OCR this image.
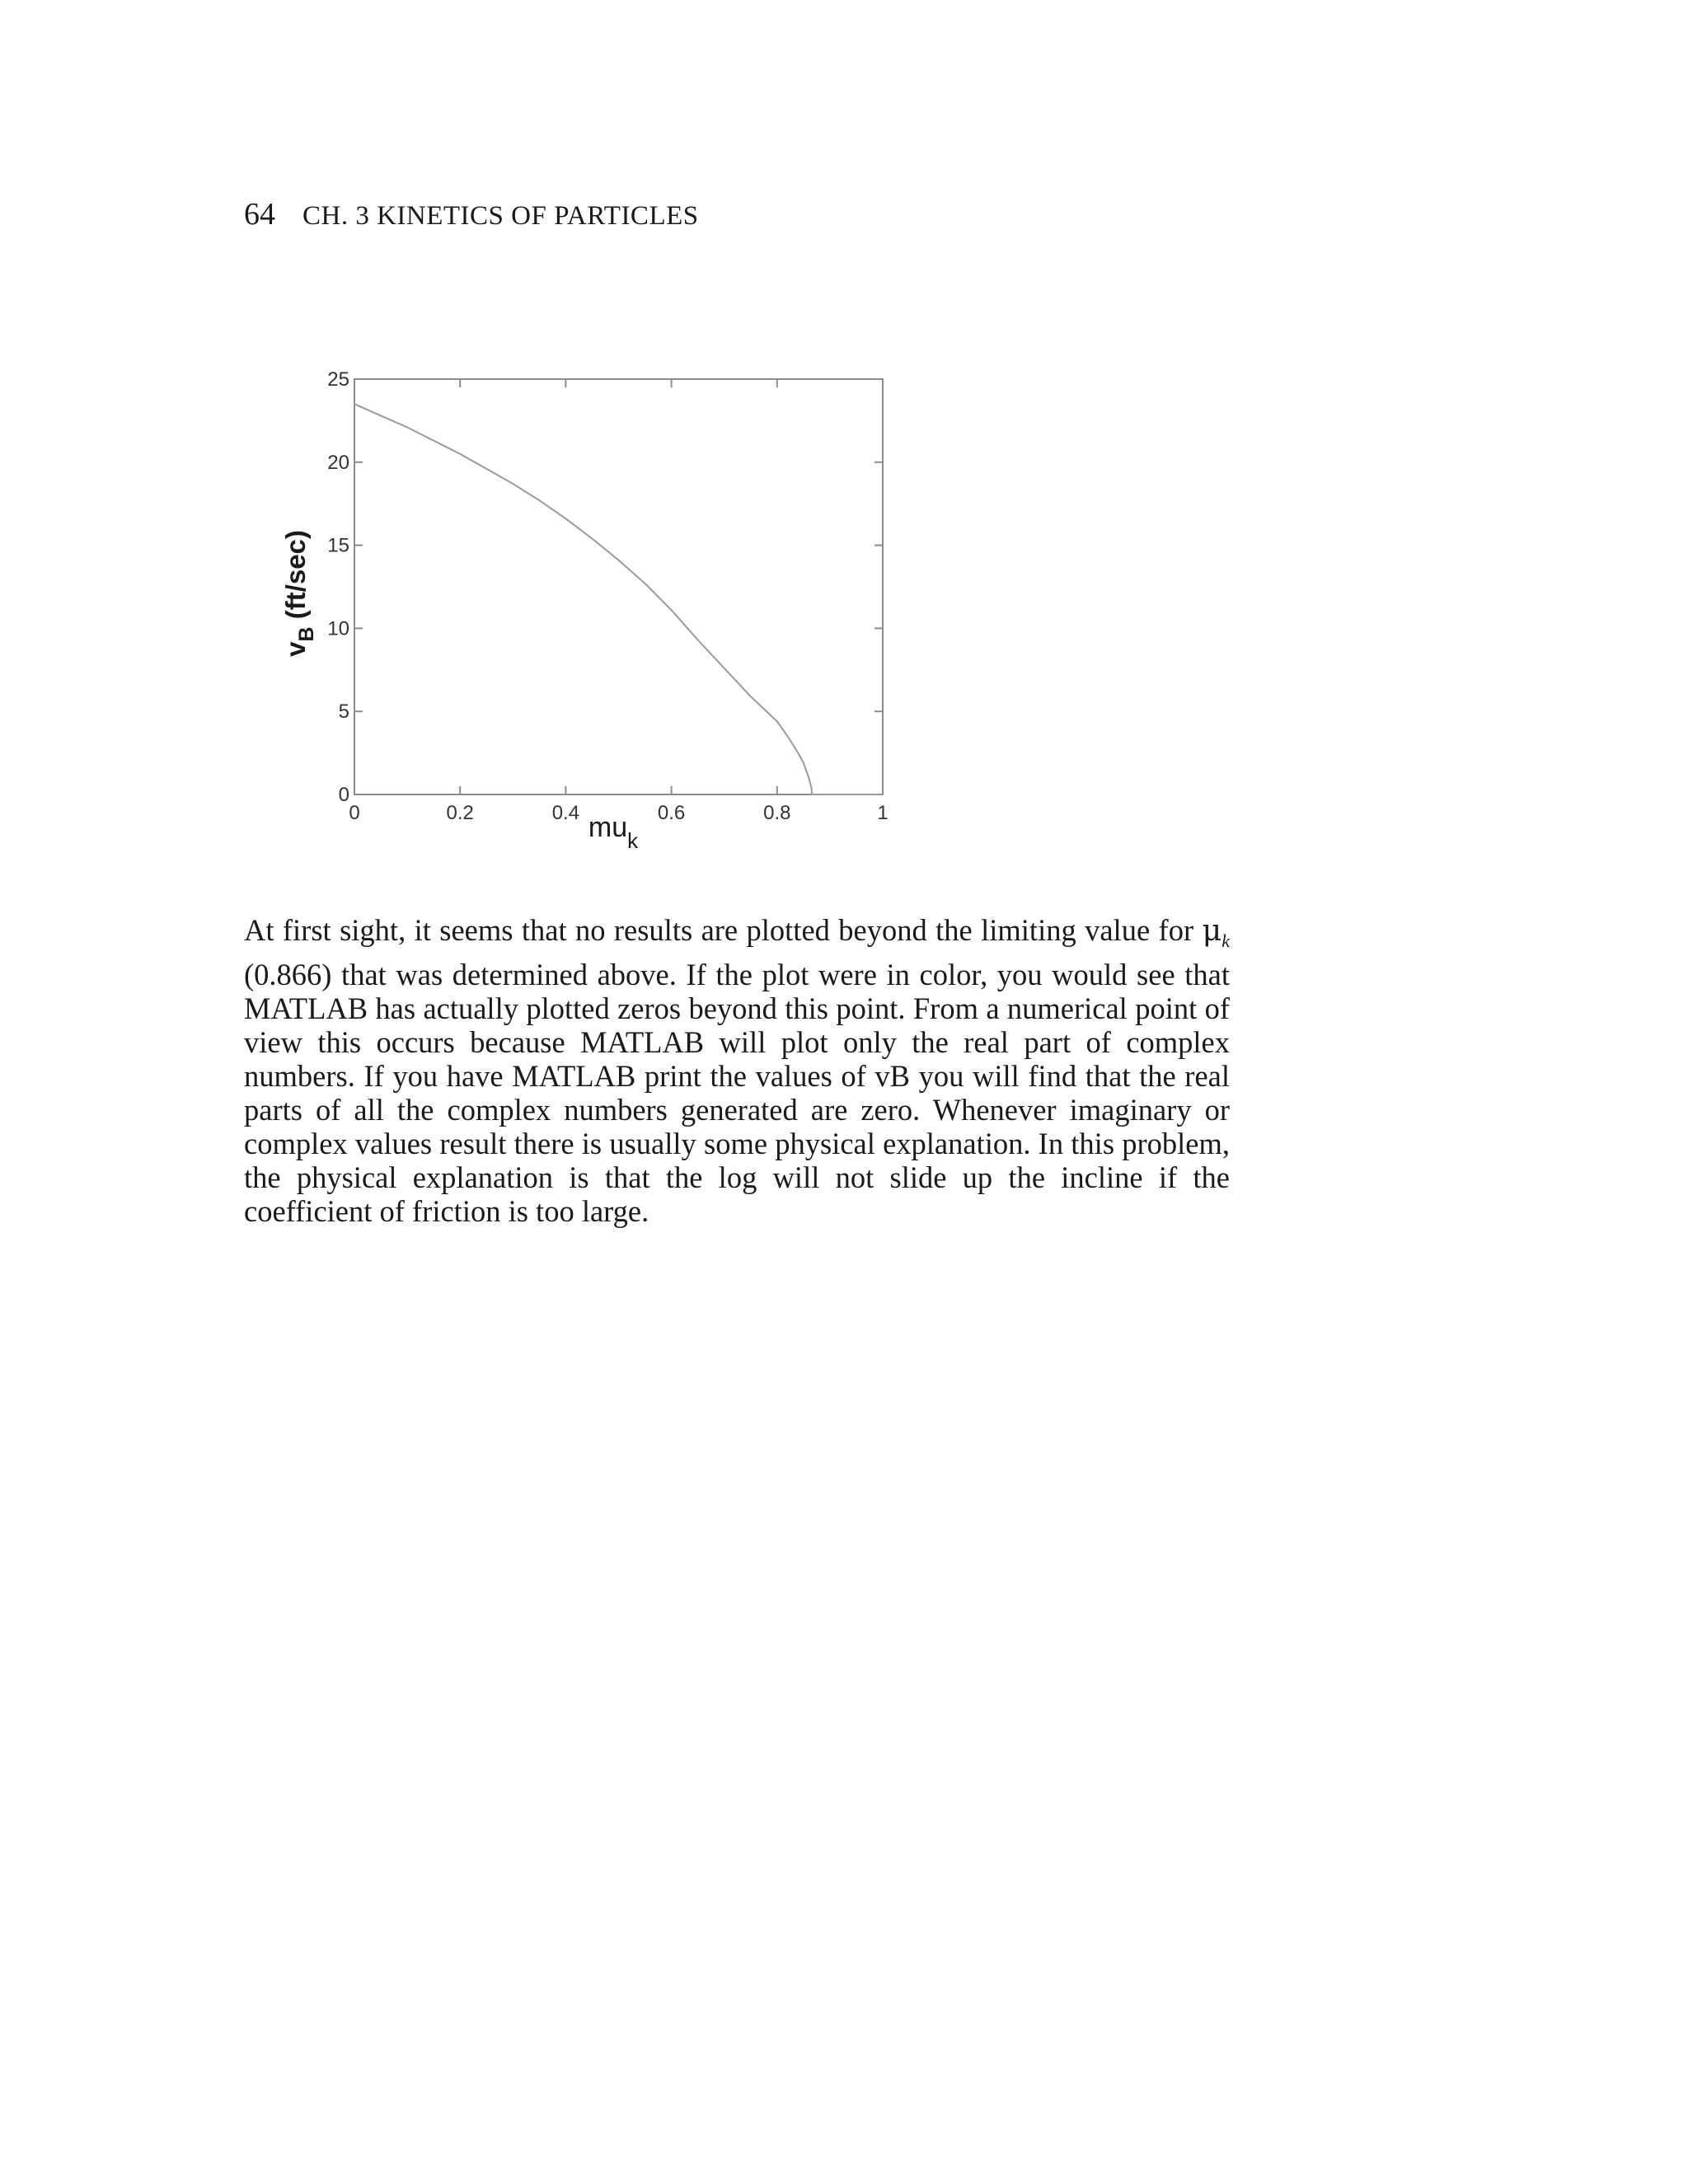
64 CH. 3 KINETICS OF PARTICLES
0	0.2	0.4	0.6	0.8	1
0
5
10
15
20
25
$v_B$ (ft/sec)
$mu_k$
At first sight, it seems that no results are plotted beyond the limiting value for $\mu_k$ (0.866) that was determined above. If the plot were in color, you would see that MATLAB has actually plotted zeros beyond this point. From a numerical point of view this occurs because MATLAB will plot only the real part of complex numbers. If you have MATLAB print the values of vB you will find that the real parts of all the complex numbers generated are zero. Whenever imaginary or complex values result there is usually some physical explanation. In this problem, the physical explanation is that the log will not slide up the incline if the coefficient of friction is too large.
